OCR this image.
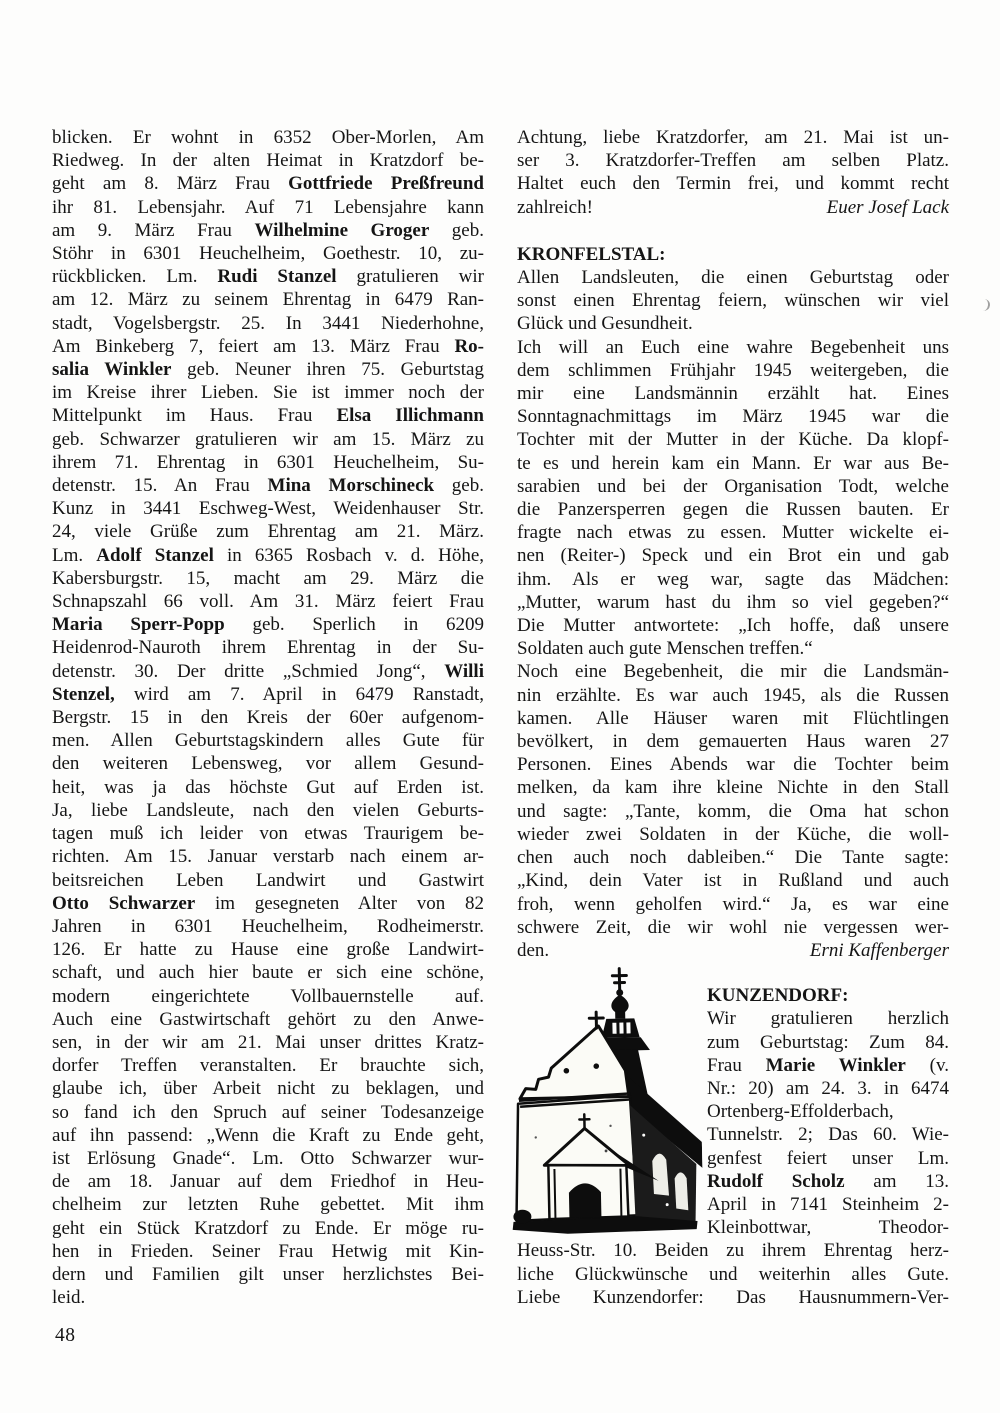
blicken. Er wohnt in 6352 Ober-Morlen, Am
Riedweg. In der alten Heimat in Kratzdorf be-
geht am 8. März Frau Gottfriede Preßfreund
ihr 81. Lebensjahr. Auf 71 Lebensjahre kann
am 9. März Frau Wilhelmine Groger geb.
Stöhr in 6301 Heuchelheim, Goethestr. 10, zu-
rückblicken. Lm. Rudi Stanzel gratulieren wir
am 12. März zu seinem Ehrentag in 6479 Ran-
stadt, Vogelsbergstr. 25. In 3441 Niederhohne,
Am Binkeberg 7, feiert am 13. März Frau Ro-
salia Winkler geb. Neuner ihren 75. Geburtstag
im Kreise ihrer Lieben. Sie ist immer noch der
Mittelpunkt im Haus. Frau Elsa Illichmann
geb. Schwarzer gratulieren wir am 15. März zu
ihrem 71. Ehrentag in 6301 Heuchelheim, Su-
detenstr. 15. An Frau Mina Morschineck geb.
Kunz in 3441 Eschweg-West, Weidenhauser Str.
24, viele Grüße zum Ehrentag am 21. März.
Lm. Adolf Stanzel in 6365 Rosbach v. d. Höhe,
Kabersburgstr. 15, macht am 29. März die
Schnapszahl 66 voll. Am 31. März feiert Frau
Maria Sperr-Popp geb. Sperlich in 6209
Heidenrod-Nauroth ihrem Ehrentag in der Su-
detenstr. 30. Der dritte „Schmied Jong“, Willi
Stenzel, wird am 7. April in 6479 Ranstadt,
Bergstr. 15 in den Kreis der 60er aufgenom-
men. Allen Geburtstagskindern alles Gute für
den weiteren Lebensweg, vor allem Gesund-
heit, was ja das höchste Gut auf Erden ist.
Ja, liebe Landsleute, nach den vielen Geburts-
tagen muß ich leider von etwas Traurigem be-
richten. Am 15. Januar verstarb nach einem ar-
beitsreichen Leben Landwirt und Gastwirt
Otto Schwarzer im gesegneten Alter von 82
Jahren in 6301 Heuchelheim, Rodheimerstr.
126. Er hatte zu Hause eine große Landwirt-
schaft, und auch hier baute er sich eine schöne,
modern eingerichtete Vollbauernstelle auf.
Auch eine Gastwirtschaft gehört zu den Anwe-
sen, in der wir am 21. Mai unser drittes Kratz-
dorfer Treffen veranstalten. Er brauchte sich,
glaube ich, über Arbeit nicht zu beklagen, und
so fand ich den Spruch auf seiner Todesanzeige
auf ihn passend: „Wenn die Kraft zu Ende geht,
ist Erlösung Gnade“. Lm. Otto Schwarzer wur-
de am 18. Januar auf dem Friedhof in Heu-
chelheim zur letzten Ruhe gebettet. Mit ihm
geht ein Stück Kratzdorf zu Ende. Er möge ru-
hen in Frieden. Seiner Frau Hetwig mit Kin-
dern und Familien gilt unser herzlichstes Bei-
leid.
Achtung, liebe Kratzdorfer, am 21. Mai ist un-
ser 3. Kratzdorfer-Treffen am selben Platz.
Haltet euch den Termin frei, und kommt recht
zahlreich!	Euer Josef Lack
KRONFELSTAL:
Allen Landsleuten, die einen Geburtstag oder
sonst einen Ehrentag feiern, wünschen wir viel
Glück und Gesundheit.
Ich will an Euch eine wahre Begebenheit uns
dem schlimmen Frühjahr 1945 weitergeben, die
mir eine Landsmännin erzählt hat. Eines
Sonntagnachmittags im März 1945 war die
Tochter mit der Mutter in der Küche. Da klopf-
te es und herein kam ein Mann. Er war aus Be-
sarabien und bei der Organisation Todt, welche
die Panzersperren gegen die Russen bauten. Er
fragte nach etwas zu essen. Mutter wickelte ei-
nen (Reiter-) Speck und ein Brot ein und gab
ihm. Als er weg war, sagte das Mädchen:
„Mutter, warum hast du ihm so viel gegeben?“
Die Mutter antwortete: „Ich hoffe, daß unsere
Soldaten auch gute Menschen treffen.“
Noch eine Begebenheit, die mir die Landsmän-
nin erzählte. Es war auch 1945, als die Russen
kamen. Alle Häuser waren mit Flüchtlingen
bevölkert, in dem gemauerten Haus waren 27
Personen. Eines Abends war die Tochter beim
melken, da kam ihre kleine Nichte in den Stall
und sagte: „Tante, komm, die Oma hat schon
wieder zwei Soldaten in der Küche, die woll-
chen auch noch dableiben.“ Die Tante sagte:
„Kind, dein Vater ist in Rußland und auch
froh, wenn geholfen wird.“ Ja, es war eine
schwere Zeit, die wir wohl nie vergessen wer-
den.	Erni Kaffenberger
KUNZENDORF:
Wir gratulieren herzlich
zum Geburtstag: Zum 84.
Frau Marie Winkler (v.
Nr.: 20) am 24. 3. in 6474
Ortenberg-Effolderbach,
Tunnelstr. 2; Das 60. Wie-
genfest feiert unser Lm.
Rudolf Scholz am 13.
April in 7141 Steinheim 2-
Kleinbottwar,	Theodor-
Heuss-Str. 10. Beiden zu ihrem Ehrentag herz-
liche Glückwünsche und weiterhin alles Gute.
Liebe Kunzendorfer: Das Hausnummern-Ver-
48
